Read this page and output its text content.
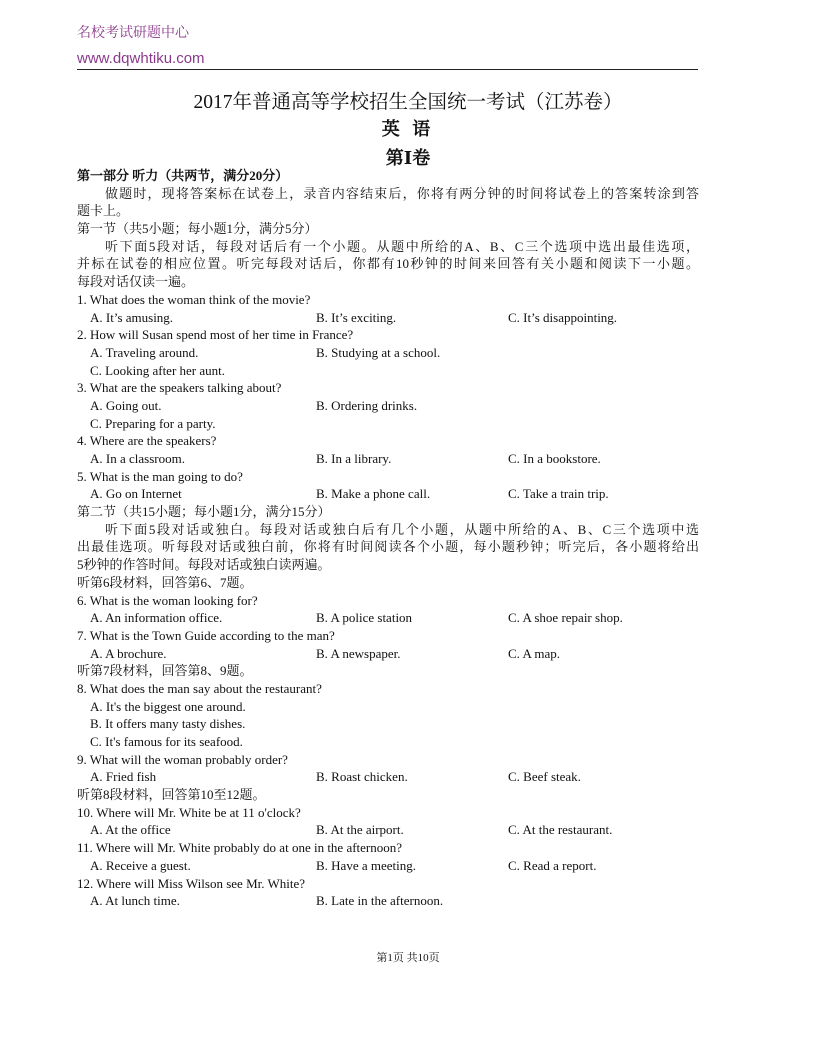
名校考试研题中心
www.dqwhtiku.com
2017年普通高等学校招生全国统一考试（江苏卷）
英 语
第Ⅰ卷
第一部分 听力（共两节，满分20分）
做题时，现将答案标在试卷上，录音内容结束后，你将有两分钟的时间将试卷上的答案转涂到答
题卡上。
第一节（共5小题；每小题1分，满分5分）
听下面5段对话，每段对话后有一个小题。从题中所给的A、B、C三个选项中选出最佳选项，
并标在试卷的相应位置。听完每段对话后，你都有10秒钟的时间来回答有关小题和阅读下一小题。
每段对话仅读一遍。
1. What does the woman think of the movie?
A. It’s amusing.	B. It’s exciting.	C. It’s disappointing.
2. How will Susan spend most of her time in France?
A. Traveling around.	B. Studying at a school.
C. Looking after her aunt.
3. What are the speakers talking about?
A. Going out.	B. Ordering drinks.
C. Preparing for a party.
4. Where are the speakers?
A. In a classroom.	B. In a library.	C. In a bookstore.
5. What is the man going to do?
A. Go on Internet	B. Make a phone call.	C. Take a train trip.
第二节（共15小题；每小题1分，满分15分）
听下面5段对话或独白。每段对话或独白后有几个小题，从题中所给的A、B、C三个选项中选
出最佳选项。听每段对话或独白前，你将有时间阅读各个小题，每小题秒钟；听完后，各小题将给出
5秒钟的作答时间。每段对话或独白读两遍。
听第6段材料，回答第6、7题。
6. What is the woman looking for?
A. An information office.	B. A police station	C. A shoe repair shop.
7. What is the Town Guide according to the man?
A. A brochure.	B. A newspaper.	C. A map.
听第7段材料，回答第8、9题。
8. What does the man say about the restaurant?
A. It's the biggest one around.
B. It offers many tasty dishes.
C. It's famous for its seafood.
9. What will the woman probably order?
A. Fried fish	B. Roast chicken.	C. Beef steak.
听第8段材料，回答第10至12题。
10. Where will Mr. White be at 11 o'clock?
A. At the office	B. At the airport.	C. At the restaurant.
11. Where will Mr. White probably do at one in the afternoon?
A. Receive a guest.	B. Have a meeting.	C. Read a report.
12. Where will Miss Wilson see Mr. White?
A. At lunch time.	B. Late in the afternoon.
第1页 共10页
